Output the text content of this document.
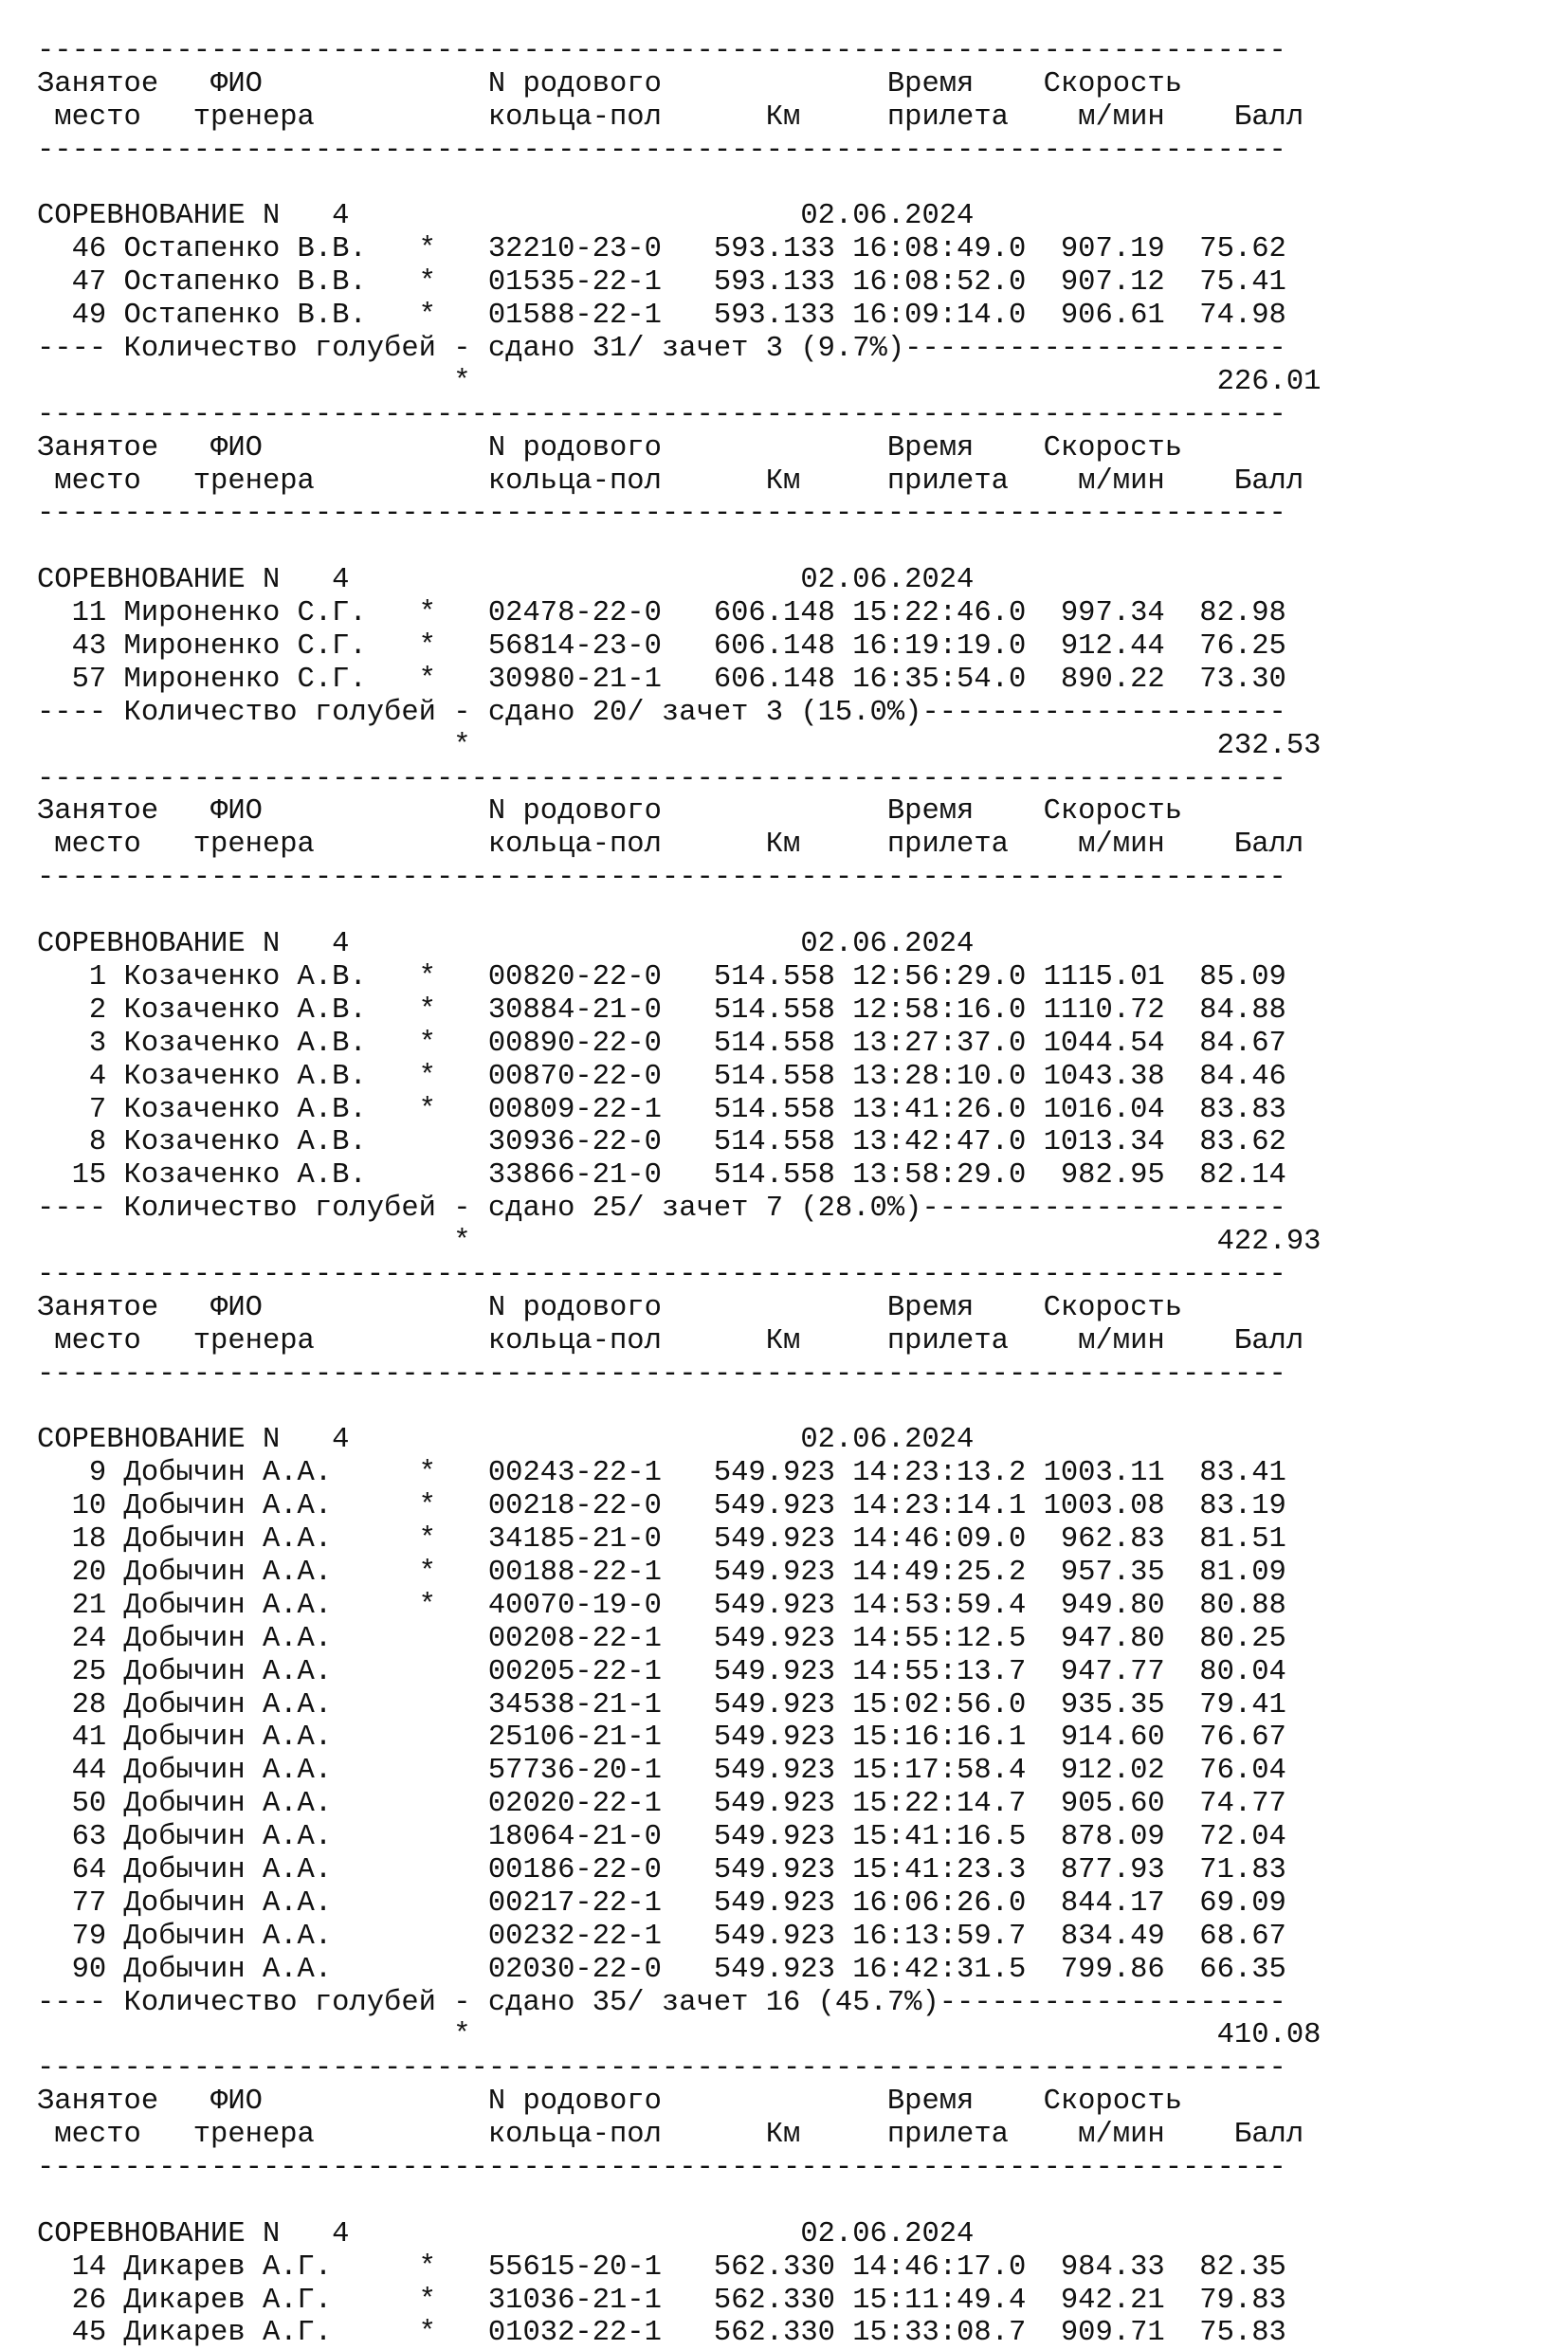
------------------------------------------------------------------------
Занятое   ФИО             N родового             Время    Скорость
место   тренера          кольца-пол      Км     прилета    м/мин    Балл
------------------------------------------------------------------------
СОРЕВНОВАНИЕ N   4                          02.06.2024
46 Остапенко В.В.   *   32210-23-0   593.133 16:08:49.0  907.19  75.62
47 Остапенко В.В.   *   01535-22-1   593.133 16:08:52.0  907.12  75.41
49 Остапенко В.В.   *   01588-22-1   593.133 16:09:14.0  906.61  74.98
---- Количество голубей - сдано 31/ зачет 3 (9.7%)----------------------
*                                           226.01
------------------------------------------------------------------------
Занятое   ФИО             N родового             Время    Скорость
место   тренера          кольца-пол      Км     прилета    м/мин    Балл
------------------------------------------------------------------------
СОРЕВНОВАНИЕ N   4                          02.06.2024
11 Мироненко С.Г.   *   02478-22-0   606.148 15:22:46.0  997.34  82.98
43 Мироненко С.Г.   *   56814-23-0   606.148 16:19:19.0  912.44  76.25
57 Мироненко С.Г.   *   30980-21-1   606.148 16:35:54.0  890.22  73.30
---- Количество голубей - сдано 20/ зачет 3 (15.0%)---------------------
*                                           232.53
------------------------------------------------------------------------
Занятое   ФИО             N родового             Время    Скорость
место   тренера          кольца-пол      Км     прилета    м/мин    Балл
------------------------------------------------------------------------
СОРЕВНОВАНИЕ N   4                          02.06.2024
1 Козаченко А.В.   *   00820-22-0   514.558 12:56:29.0 1115.01  85.09
2 Козаченко А.В.   *   30884-21-0   514.558 12:58:16.0 1110.72  84.88
3 Козаченко А.В.   *   00890-22-0   514.558 13:27:37.0 1044.54  84.67
4 Козаченко А.В.   *   00870-22-0   514.558 13:28:10.0 1043.38  84.46
7 Козаченко А.В.   *   00809-22-1   514.558 13:41:26.0 1016.04  83.83
8 Козаченко А.В.       30936-22-0   514.558 13:42:47.0 1013.34  83.62
15 Козаченко А.В.       33866-21-0   514.558 13:58:29.0  982.95  82.14
---- Количество голубей - сдано 25/ зачет 7 (28.0%)---------------------
*                                           422.93
------------------------------------------------------------------------
Занятое   ФИО             N родового             Время    Скорость
место   тренера          кольца-пол      Км     прилета    м/мин    Балл
------------------------------------------------------------------------
СОРЕВНОВАНИЕ N   4                          02.06.2024
9 Добычин А.А.     *   00243-22-1   549.923 14:23:13.2 1003.11  83.41
10 Добычин А.А.     *   00218-22-0   549.923 14:23:14.1 1003.08  83.19
18 Добычин А.А.     *   34185-21-0   549.923 14:46:09.0  962.83  81.51
20 Добычин А.А.     *   00188-22-1   549.923 14:49:25.2  957.35  81.09
21 Добычин А.А.     *   40070-19-0   549.923 14:53:59.4  949.80  80.88
24 Добычин А.А.         00208-22-1   549.923 14:55:12.5  947.80  80.25
25 Добычин А.А.         00205-22-1   549.923 14:55:13.7  947.77  80.04
28 Добычин А.А.         34538-21-1   549.923 15:02:56.0  935.35  79.41
41 Добычин А.А.         25106-21-1   549.923 15:16:16.1  914.60  76.67
44 Добычин А.А.         57736-20-1   549.923 15:17:58.4  912.02  76.04
50 Добычин А.А.         02020-22-1   549.923 15:22:14.7  905.60  74.77
63 Добычин А.А.         18064-21-0   549.923 15:41:16.5  878.09  72.04
64 Добычин А.А.         00186-22-0   549.923 15:41:23.3  877.93  71.83
77 Добычин А.А.         00217-22-1   549.923 16:06:26.0  844.17  69.09
79 Добычин А.А.         00232-22-1   549.923 16:13:59.7  834.49  68.67
90 Добычин А.А.         02030-22-0   549.923 16:42:31.5  799.86  66.35
---- Количество голубей - сдано 35/ зачет 16 (45.7%)--------------------
*                                           410.08
------------------------------------------------------------------------
Занятое   ФИО             N родового             Время    Скорость
место   тренера          кольца-пол      Км     прилета    м/мин    Балл
------------------------------------------------------------------------
СОРЕВНОВАНИЕ N   4                          02.06.2024
14 Дикарев А.Г.     *   55615-20-1   562.330 14:46:17.0  984.33  82.35
26 Дикарев А.Г.     *   31036-21-1   562.330 15:11:49.4  942.21  79.83
45 Дикарев А.Г.     *   01032-22-1   562.330 15:33:08.7  909.71  75.83
